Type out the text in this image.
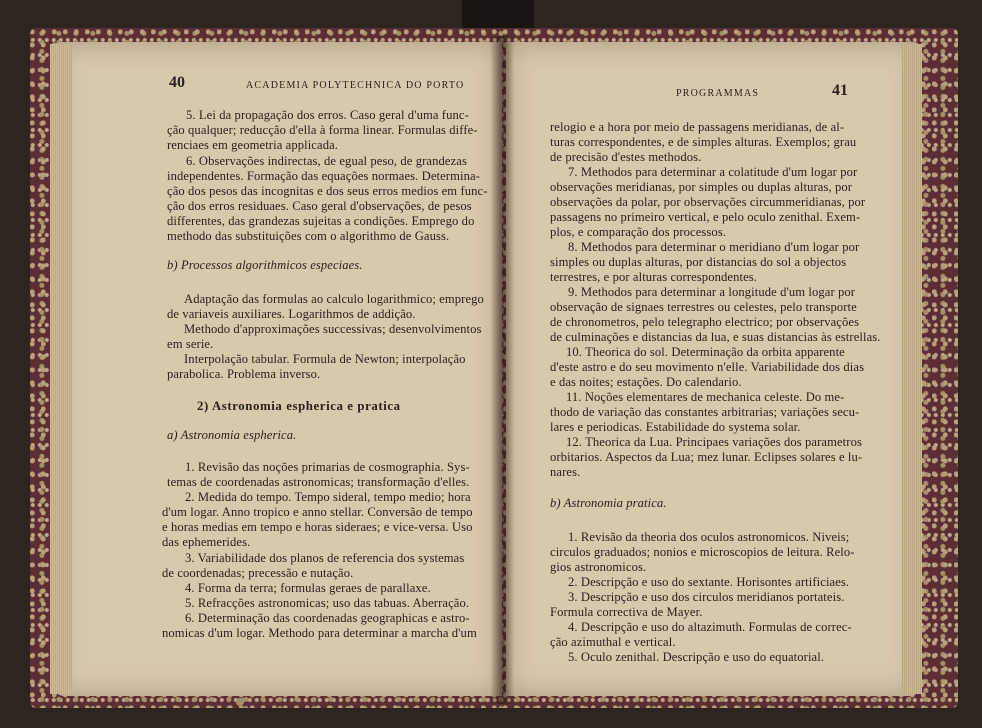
40	ACADEMIA POLYTECHNICA DO PORTO
5. Lei da propagação dos erros. Caso geral d'uma func-
ção qualquer; reducção d'ella à forma linear. Formulas diffe-
renciaes em geometria applicada.
6. Observações indirectas, de egual peso, de grandezas
independentes. Formação das equações normaes. Determina-
ção dos pesos das incognitas e dos seus erros medios em func-
ção dos erros residuaes. Caso geral d'observações, de pesos
differentes, das grandezas sujeitas a condições. Emprego do
methodo das substituições com o algorithmo de Gauss.
b) Processos algorithmicos especiaes.
Adaptação das formulas ao calculo logarithmico; emprego
de variaveis auxiliares. Logarithmos de addição.
Methodo d'approximações successivas; desenvolvimentos
em serie.
Interpolação tabular. Formula de Newton; interpolação
parabolica. Problema inverso.
2) Astronomia espherica e pratica
a) Astronomia espherica.
1. Revisão das noções primarias de cosmographia. Sys-
temas de coordenadas astronomicas; transformação d'elles.
2. Medida do tempo. Tempo sideral, tempo medio; hora
d'um logar. Anno tropico e anno stellar. Conversão de tempo
e horas medias em tempo e horas sideraes; e vice-versa. Uso
das ephemerides.
3. Variabilidade dos planos de referencia dos systemas
de coordenadas; precessão e nutação.
4. Forma da terra; formulas geraes de parallaxe.
5. Refracções astronomicas; uso das tabuas. Aberração.
6. Determinação das coordenadas geographicas e astro-
nomicas d'um logar. Methodo para determinar a marcha d'um
PROGRAMMAS	41
relogio e a hora por meio de passagens meridianas, de al-
turas correspondentes, e de simples alturas. Exemplos; grau
de precisão d'estes methodos.
7. Methodos para determinar a colatitude d'um logar por
observações meridianas, por simples ou duplas alturas, por
observações da polar, por observações circummeridianas, por
passagens no primeiro vertical, e pelo oculo zenithal. Exem-
plos, e comparação dos processos.
8. Methodos para determinar o meridiano d'um logar por
simples ou duplas alturas, por distancias do sol a objectos
terrestres, e por alturas correspondentes.
9. Methodos para determinar a longitude d'um logar por
observação de signaes terrestres ou celestes, pelo transporte
de chronometros, pelo telegrapho electrico; por observações
de culminações e distancias da lua, e suas distancias às estrellas.
10. Theorica do sol. Determinação da orbita apparente
d'este astro e do seu movimento n'elle. Variabilidade dos dias
e das noites; estações. Do calendario.
11. Noções elementares de mechanica celeste. Do me-
thodo de variação das constantes arbitrarias; variações secu-
lares e periodicas. Estabilidade do systema solar.
12. Theorica da Lua. Principaes variações dos parametros
orbitarios. Aspectos da Lua; mez lunar. Eclipses solares e lu-
nares.
b) Astronomia pratica.
1. Revisão da theoria dos oculos astronomicos. Niveis;
circulos graduados; nonios e microscopios de leitura. Relo-
gios astronomicos.
2. Descripção e uso do sextante. Horisontes artificiaes.
3. Descripção e uso dos circulos meridianos portateis.
Formula correctiva de Mayer.
4. Descripção e uso do altazimuth. Formulas de correc-
ção azimuthal e vertical.
5. Oculo zenithal. Descripção e uso do equatorial.
